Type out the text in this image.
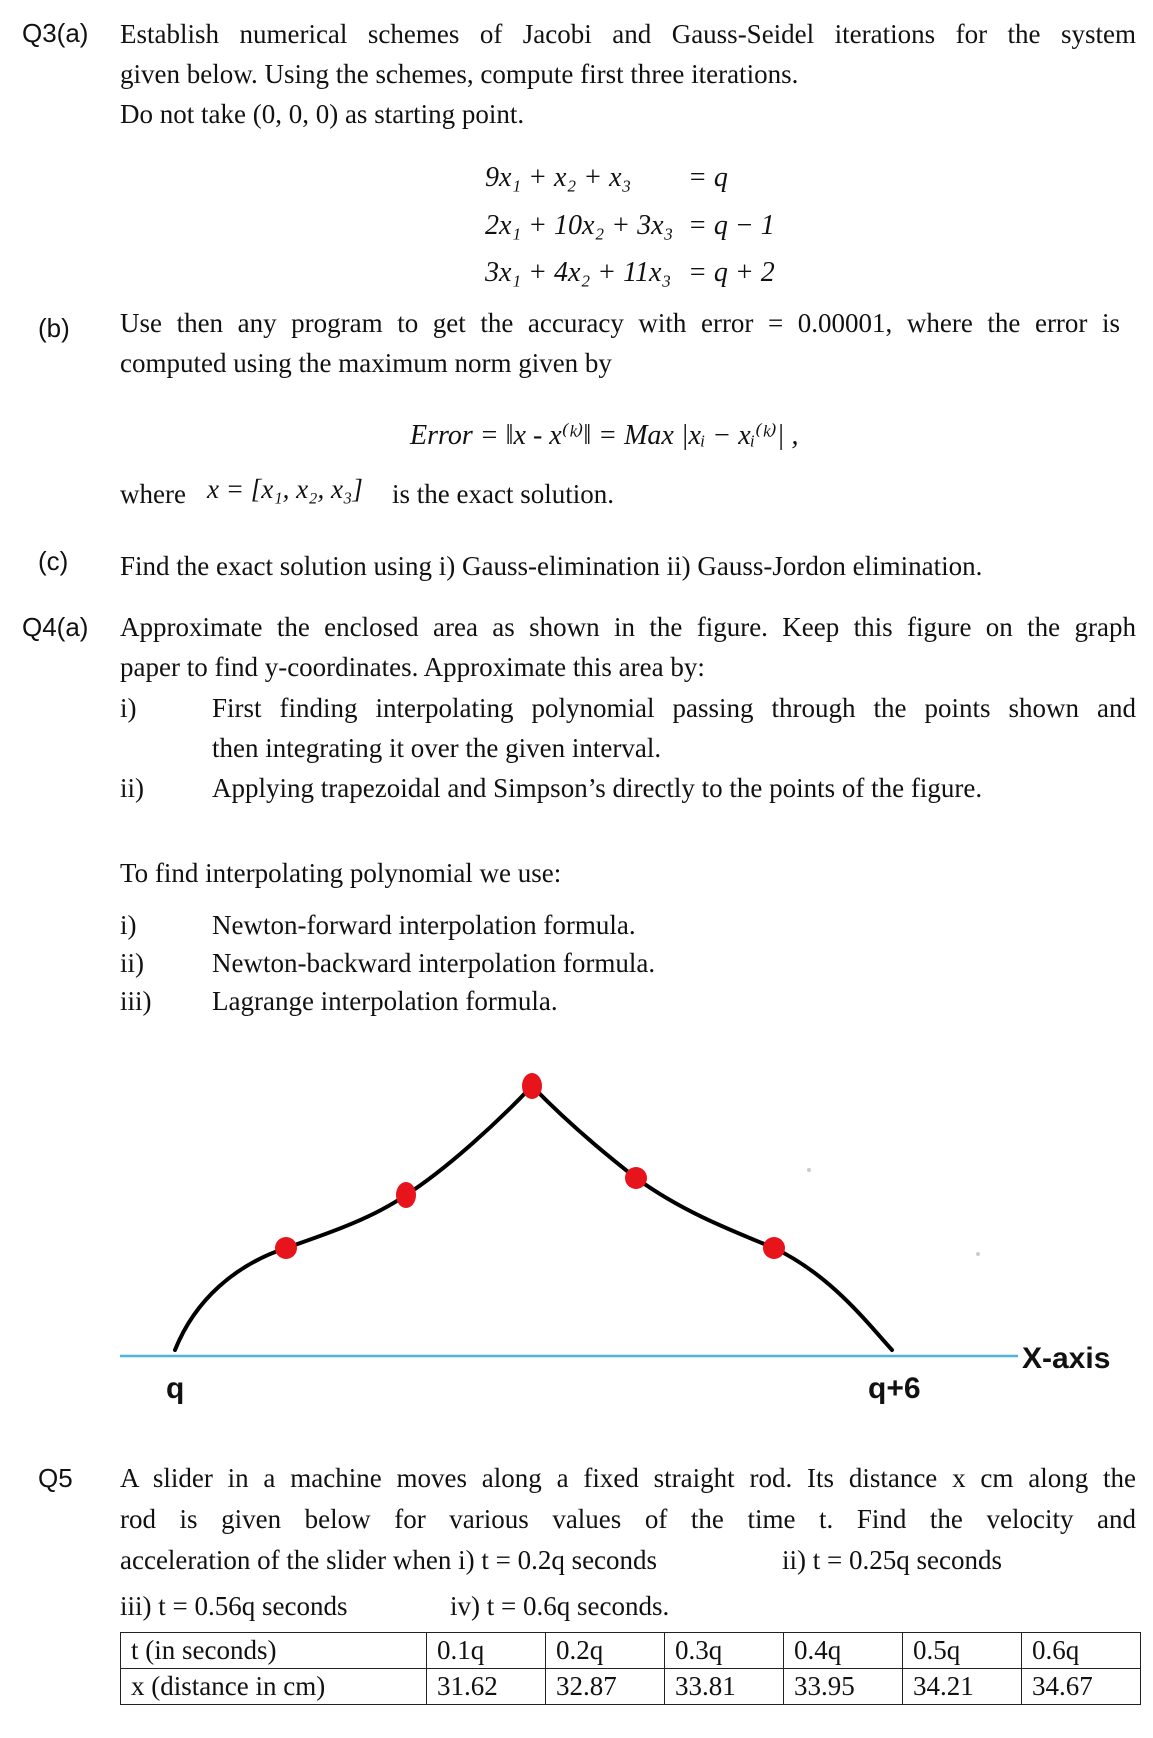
Q3(a) Establish numerical schemes of Jacobi and Gauss-Seidel iterations for the system
given below. Using the schemes, compute first three iterations.
Do not take (0, 0, 0) as starting point.
9x₁ + x₂ + x₃	= q
2x₁ + 10x₂ + 3x₃ = q − 1
3x₁ + 4x₂ + 11x₃ = q + 2
(b) Use then any program to get the accuracy with error = 0.00001, where the error is
computed using the maximum norm given by
Error = ‖x - x⁽ᵏ⁾‖ = Max |xᵢ − xᵢ⁽ᵏ⁾| ,
where x = [x₁, x₂, x₃] is the exact solution.
(c) Find the exact solution using i) Gauss-elimination ii) Gauss-Jordon elimination.
Q4(a) Approximate the enclosed area as shown in the figure. Keep this figure on the graph
paper to find y-coordinates. Approximate this area by:
i)	First finding interpolating polynomial passing through the points shown and
then integrating it over the given interval.
ii)	Applying trapezoidal and Simpson’s directly to the points of the figure.
To find interpolating polynomial we use:
i)	Newton-forward interpolation formula.
ii)	Newton-backward interpolation formula.
iii) Lagrange interpolation formula.
q	q+6
X-axis
Q5 A slider in a machine moves along a fixed straight rod. Its distance x cm along the
rod is given below for various values of the time t. Find the velocity and
acceleration of the slider when i) t = 0.2q seconds	ii) t = 0.25q seconds
iii) t = 0.56q seconds	iv) t = 0.6q seconds.
t (in seconds)	0.1q	0.2q	0.3q	0.4q	0.5q	0.6q
x (distance in cm)	31.62	32.87	33.81	33.95	34.21	34.67
